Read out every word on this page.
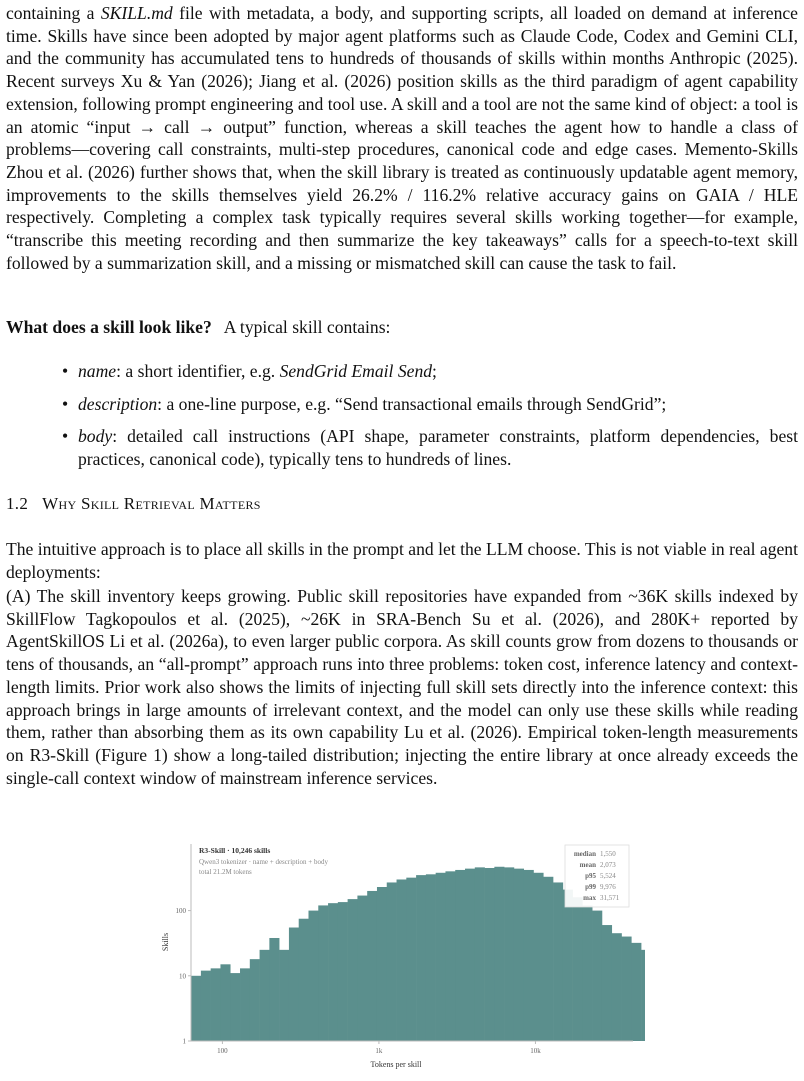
containing a SKILL.md file with metadata, a body, and supporting scripts, all loaded on demand at inference time. Skills have since been adopted by major agent platforms such as Claude Code, Codex and Gemini CLI, and the community has accumulated tens to hundreds of thousands of skills within months Anthropic (2025). Recent surveys Xu & Yan (2026); Jiang et al. (2026) position skills as the third paradigm of agent capability extension, following prompt engineering and tool use. A skill and a tool are not the same kind of object: a tool is an atomic “input → call → output” function, whereas a skill teaches the agent how to handle a class of problems—covering call constraints, multi-step procedures, canonical code and edge cases. Memento-Skills Zhou et al. (2026) further shows that, when the skill library is treated as continuously updatable agent memory, improvements to the skills themselves yield 26.2% / 116.2% relative accuracy gains on GAIA / HLE respectively. Completing a complex task typically requires several skills working together—for example, “transcribe this meeting recording and then summarize the key takeaways” calls for a speech-to-text skill followed by a summarization skill, and a missing or mismatched skill can cause the task to fail.

What does a skill look like? A typical skill contains:

• name: a short identifier, e.g. SendGrid Email Send;
• description: a one-line purpose, e.g. “Send transactional emails through SendGrid”;
• body: detailed call instructions (API shape, parameter constraints, platform dependencies, best practices, canonical code), typically tens to hundreds of lines.
1.2 Why Skill Retrieval Matters

The intuitive approach is to place all skills in the prompt and let the LLM choose. This is not viable in real agent deployments:

(A) The skill inventory keeps growing. Public skill repositories have expanded from ~36K skills indexed by SkillFlow Tagkopoulos et al. (2025), ~26K in SRA-Bench Su et al. (2026), and 280K+ reported by AgentSkillOS Li et al. (2026a), to even larger public corpora. As skill counts grow from dozens to thousands or tens of thousands, an “all-prompt” approach runs into three problems: token cost, inference latency and context-length limits. Prior work also shows the limits of injecting full skill sets directly into the inference context: this approach brings in large amounts of irrelevant context, and the model can only use these skills while reading them, rather than absorbing them as its own capability Lu et al. (2026). Empirical token-length measurements on R3-Skill (Figure 1) show a long-tailed distribution; injecting the entire library at once already exceeds the single-call context window of mainstream inference services.

1
10
100
100	1k	10k
R3-Skill · 10,246 skills
Qwen3 tokenizer · name + description + body
total 21.2M tokens
median 1,550
mean 2,073
p95 5,524
p99 9,976
max 31,571
Skills
Tokens per skill
